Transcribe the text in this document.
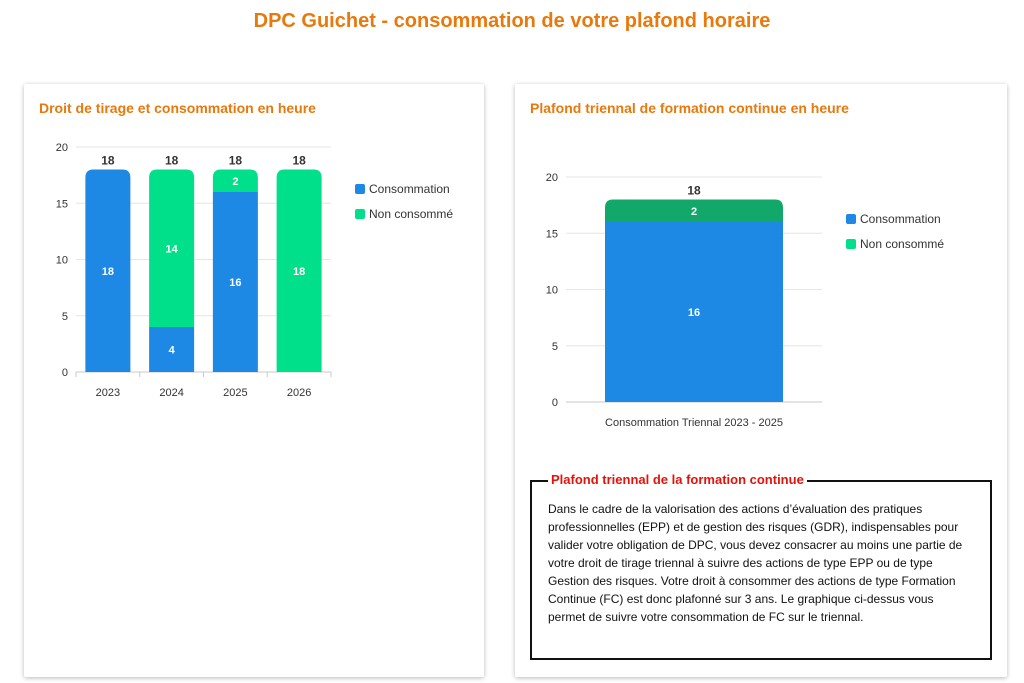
DPC Guichet - consommation de votre plafond horaire
Droit de tirage et consommation en heure	Plafond triennal de formation continue en heure
0
5
10
15
20
18
18
2023
4
14
18
2024
16
2
18
2025
18
18
2026
0
5
10
15
20
16
2
18
Consommation Triennal 2023 - 2025
Consommation
Non consommé	Consommation
Non consommé
Plafond triennal de la formation continue
Dans le cadre de la valorisation des actions d’évaluation des pratiques professionnelles (EPP) et de gestion des risques (GDR), indispensables pour valider votre obligation de DPC, vous devez consacrer au moins une partie de votre droit de tirage triennal à suivre des actions de type EPP ou de type Gestion des risques. Votre droit à consommer des actions de type Formation Continue (FC) est donc plafonné sur 3 ans. Le graphique ci-dessus vous permet de suivre votre consommation de FC sur le triennal.
